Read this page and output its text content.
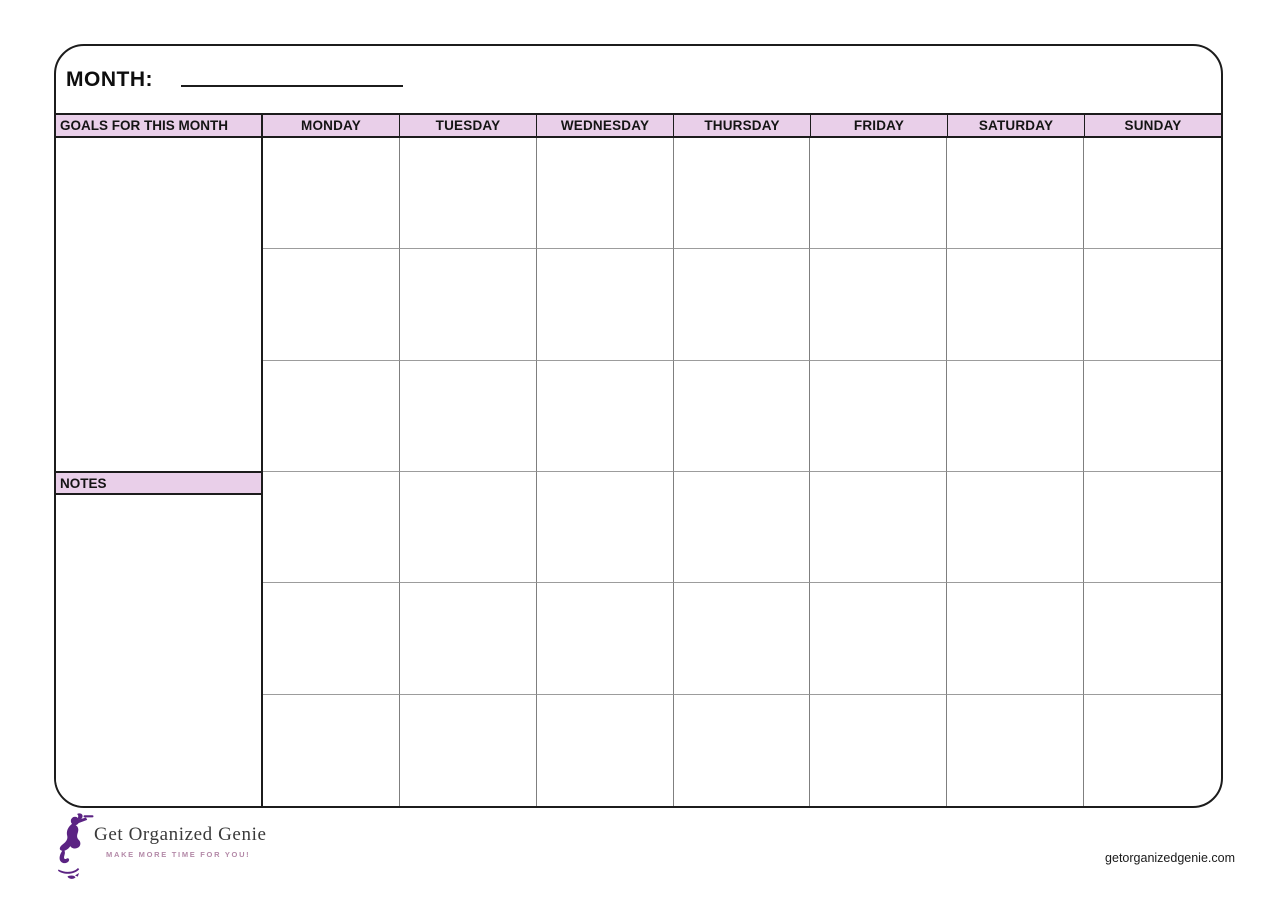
MONTH:
GOALS FOR THIS MONTH	MONDAY	TUESDAY	WEDNESDAY	THURSDAY	FRIDAY	SATURDAY	SUNDAY
NOTES
Get Organized Genie
MAKE MORE TIME FOR YOU!	getorganizedgenie.com
